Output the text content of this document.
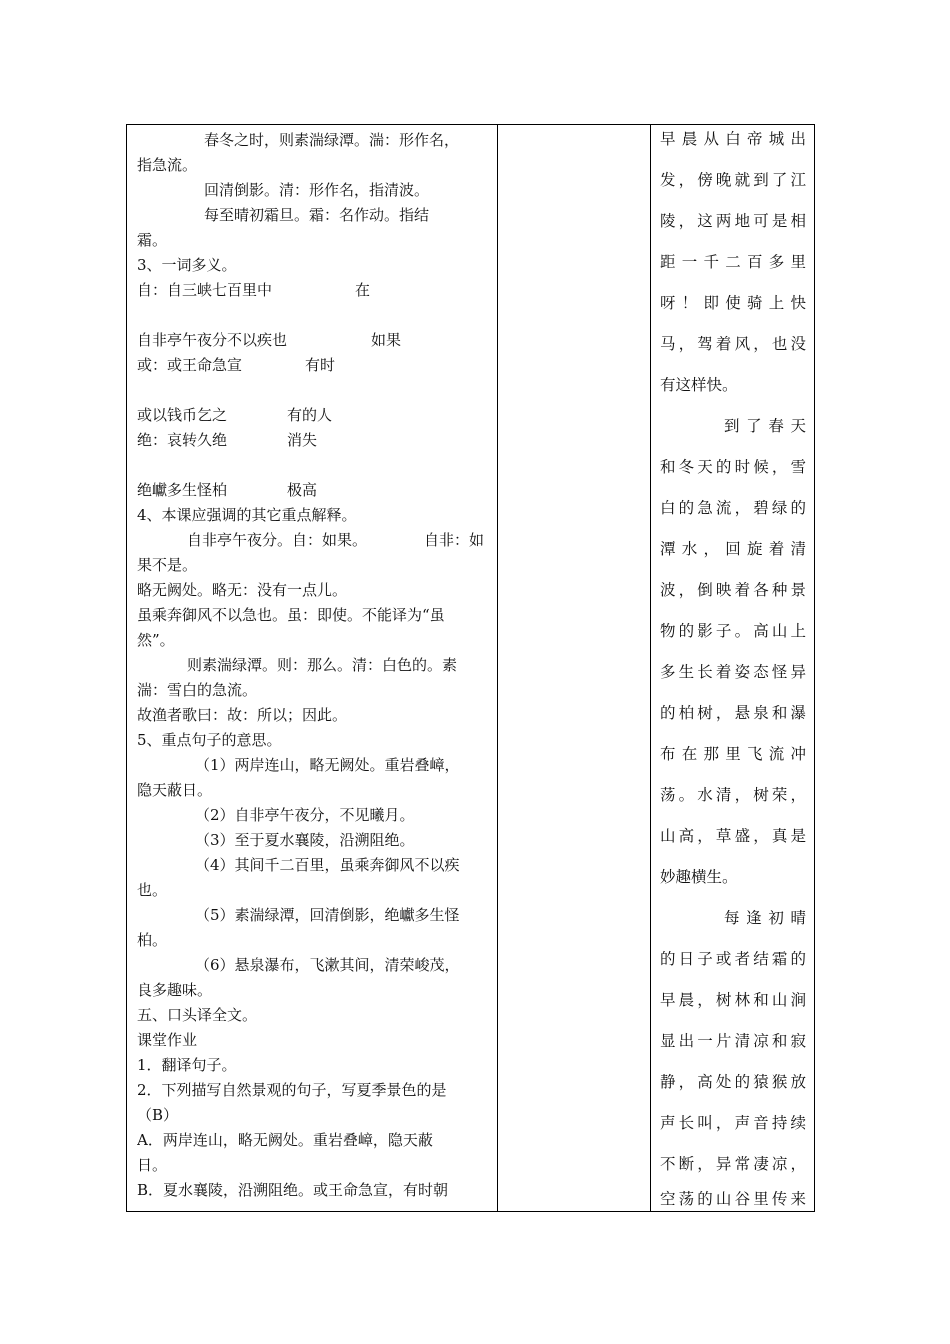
春冬之时，则素湍绿潭。湍：形作名，
指急流。
回清倒影。清：形作名，指清波。
每至晴初霜旦。霜：名作动。指结
霜。
3、一词多义。
自：自三峡七百里中	在
自非亭午夜分不以疾也	如果
或：或王命急宣	有时
或以钱币乞之	有的人
绝：哀转久绝	消失
绝巘多生怪柏	极高
4、本课应强调的其它重点解释。
自非亭午夜分。自：如果。	自非：如
果不是。
略无阙处。略无：没有一点儿。
虽乘奔御风不以急也。虽：即使。不能译为“虽
然”。
则素湍绿潭。则：那么。清：白色的。素
湍：雪白的急流。
故渔者歌曰：故：所以；因此。
5、重点句子的意思。
（1）两岸连山，略无阙处。重岩叠嶂，
隐天蔽日。
（2）自非亭午夜分，不见曦月。
（3）至于夏水襄陵，沿溯阻绝。
（4）其间千二百里，虽乘奔御风不以疾
也。
（5）素湍绿潭，回清倒影，绝巘多生怪
柏。
（6）悬泉瀑布，飞漱其间，清荣峻茂，
良多趣味。
五、口头译全文。
课堂作业
1．翻译句子。
2．下列描写自然景观的句子，写夏季景色的是
（B）
A．两岸连山，略无阙处。重岩叠嶂，隐天蔽
日。
B．夏水襄陵，沿溯阻绝。或王命急宣，有时朝
早晨从白帝城出
发，傍晚就到了江
陵，这两地可是相
距一千二百多里
呀！即使骑上快
马，驾着风，也没
有这样快。
到了春天
和冬天的时候，雪
白的急流，碧绿的
潭水，回旋着清
波，倒映着各种景
物的影子。高山上
多生长着姿态怪异
的柏树，悬泉和瀑
布在那里飞流冲
荡。水清，树荣，
山高，草盛，真是
妙趣横生。
每逢初晴
的日子或者结霜的
早晨，树林和山涧
显出一片清凉和寂
静，高处的猿猴放
声长叫，声音持续
不断，异常凄凉，
空荡的山谷里传来
